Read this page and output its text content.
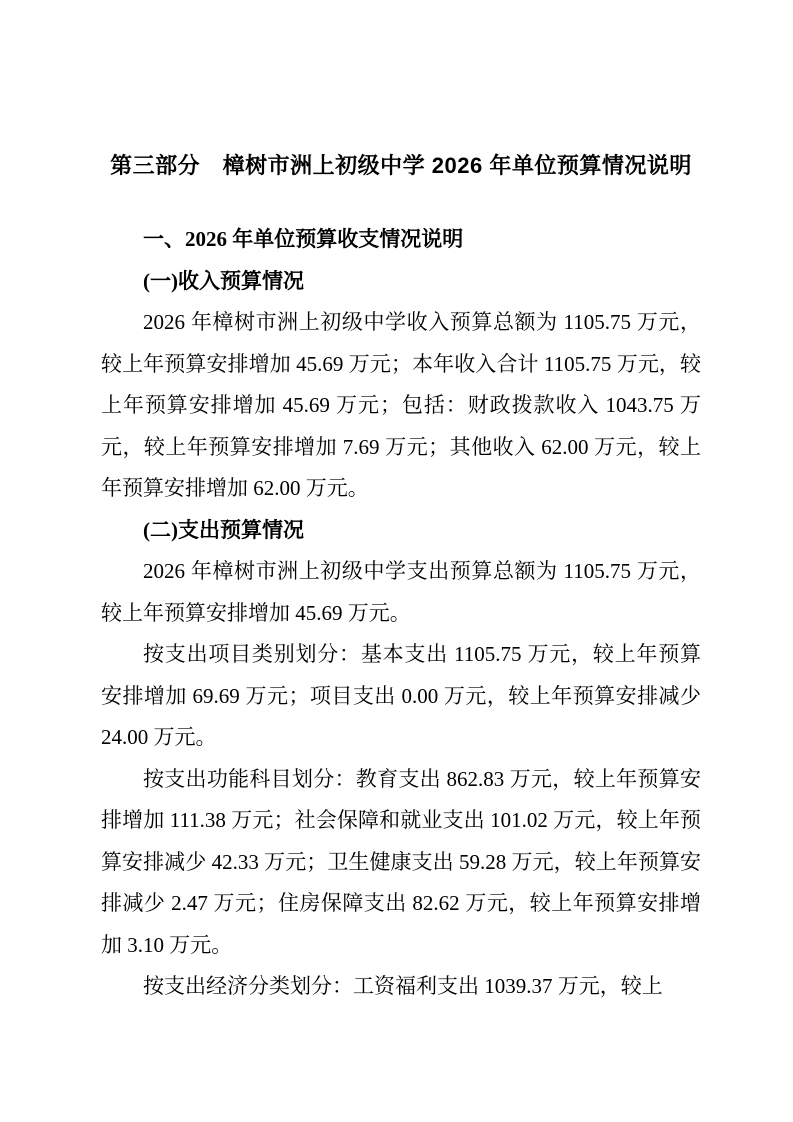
第三部分　樟树市洲上初级中学 2026 年单位预算情况说明
一、2026 年单位预算收支情况说明
(一)收入预算情况

2026 年樟树市洲上初级中学收入预算总额为 1105.75 万元，较上年预算安排增加 45.69 万元；本年收入合计 1105.75 万元，较上年预算安排增加 45.69 万元；包括：财政拨款收入 1043.75 万元，较上年预算安排增加 7.69 万元；其他收入 62.00 万元，较上年预算安排增加 62.00 万元。

(二)支出预算情况

2026 年樟树市洲上初级中学支出预算总额为 1105.75 万元，较上年预算安排增加 45.69 万元。

按支出项目类别划分：基本支出 1105.75 万元，较上年预算安排增加 69.69 万元；项目支出 0.00 万元，较上年预算安排减少 24.00 万元。

按支出功能科目划分：教育支出 862.83 万元，较上年预算安排增加 111.38 万元；社会保障和就业支出 101.02 万元，较上年预算安排减少 42.33 万元；卫生健康支出 59.28 万元，较上年预算安排减少 2.47 万元；住房保障支出 82.62 万元，较上年预算安排增加 3.10 万元。

按支出经济分类划分：工资福利支出 1039.37 万元，较上
